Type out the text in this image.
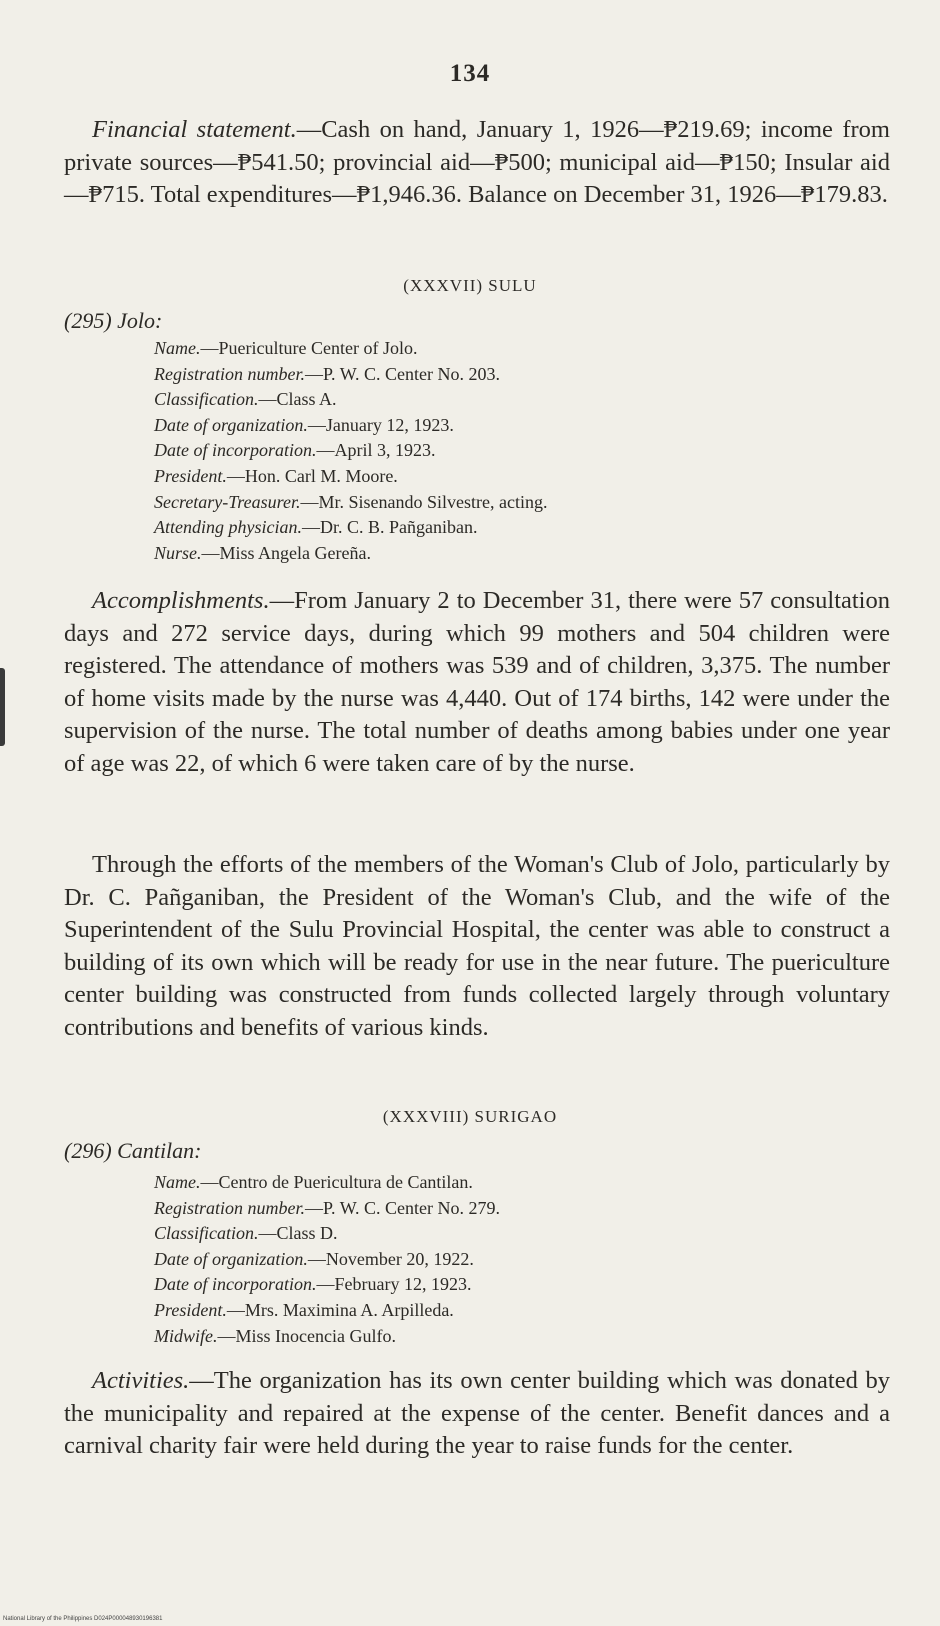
134

Financial statement.—Cash on hand, January 1, 1926—₱219.69; income from private sources—₱541.50; provincial aid—₱500; municipal aid—₱150; Insular aid—₱715. Total expenditures—₱1,946.36. Balance on December 31, 1926—₱179.83.

(XXXVII) SULU
(295) Jolo:
Name.—Puericulture Center of Jolo.
Registration number.—P. W. C. Center No. 203.
Classification.—Class A.
Date of organization.—January 12, 1923.
Date of incorporation.—April 3, 1923.
President.—Hon. Carl M. Moore.
Secretary-Treasurer.—Mr. Sisenando Silvestre, acting.
Attending physician.—Dr. C. B. Pañganiban.
Nurse.—Miss Angela Gereña.

Accomplishments.—From January 2 to December 31, there were 57 consultation days and 272 service days, during which 99 mothers and 504 children were registered. The attendance of mothers was 539 and of children, 3,375. The number of home visits made by the nurse was 4,440. Out of 174 births, 142 were under the supervision of the nurse. The total number of deaths among babies under one year of age was 22, of which 6 were taken care of by the nurse.

Through the efforts of the members of the Woman's Club of Jolo, particularly by Dr. C. Pañganiban, the President of the Woman's Club, and the wife of the Superintendent of the Sulu Provincial Hospital, the center was able to construct a building of its own which will be ready for use in the near future. The puericulture center building was constructed from funds collected largely through voluntary contributions and benefits of various kinds.

(XXXVIII) SURIGAO
(296) Cantilan:
Name.—Centro de Puericultura de Cantilan.
Registration number.—P. W. C. Center No. 279.
Classification.—Class D.
Date of organization.—November 20, 1922.
Date of incorporation.—February 12, 1923.
President.—Mrs. Maximina A. Arpilleda.
Midwife.—Miss Inocencia Gulfo.

Activities.—The organization has its own center building which was donated by the municipality and repaired at the expense of the center. Benefit dances and a carnival charity fair were held during the year to raise funds for the center.

National Library of the Philippines D024P000048930196381
